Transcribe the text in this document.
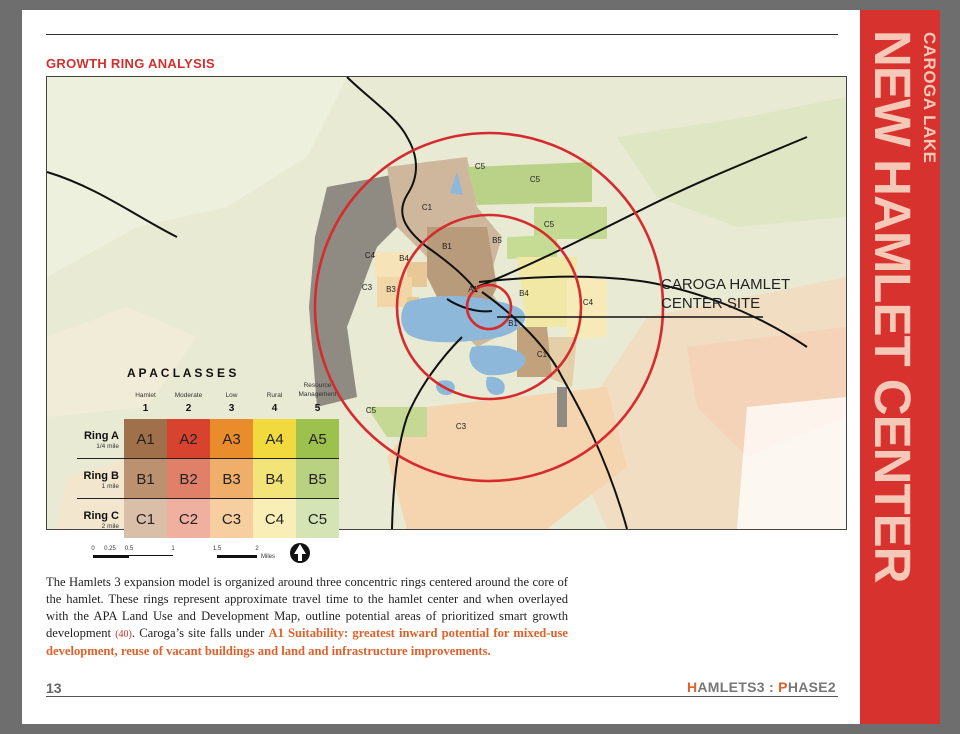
GROWTH RING ANALYSIS
CAROGA HAMLET
CENTER SITE
C5
C5
C5
C1
B1
B5
C4	B4
C3 B3	A1	B4
C4
B1
C1
C5
C3
A P A C L A S S E S
Hamlet
1
Moderate
2
Low
3
Rural
4
Resource
Management
5
Ring A
1/4 mile A1 A2 A3 A4 A5
Ring B
1 mile B1 B2 B3 B4 B5
Ring C
2 mile C1 C2 C3 C4 C5
0 0.25 0.5	1	1.5	2
Miles
The Hamlets 3 expansion model is organized around three concentric rings centered around the core of the hamlet. These rings represent approximate travel time to the hamlet center and when overlayed with the APA Land Use and Development Map, outline potential areas of prioritized smart growth development (40). Caroga’s site falls under A1 Suitability: greatest inward potential for mixed-use development, reuse of vacant buildings and land and infrastructure improvements.
13	HAMLETS3 : PHASE2
CAROGA LAKE
NEW HAMLET CENTER
